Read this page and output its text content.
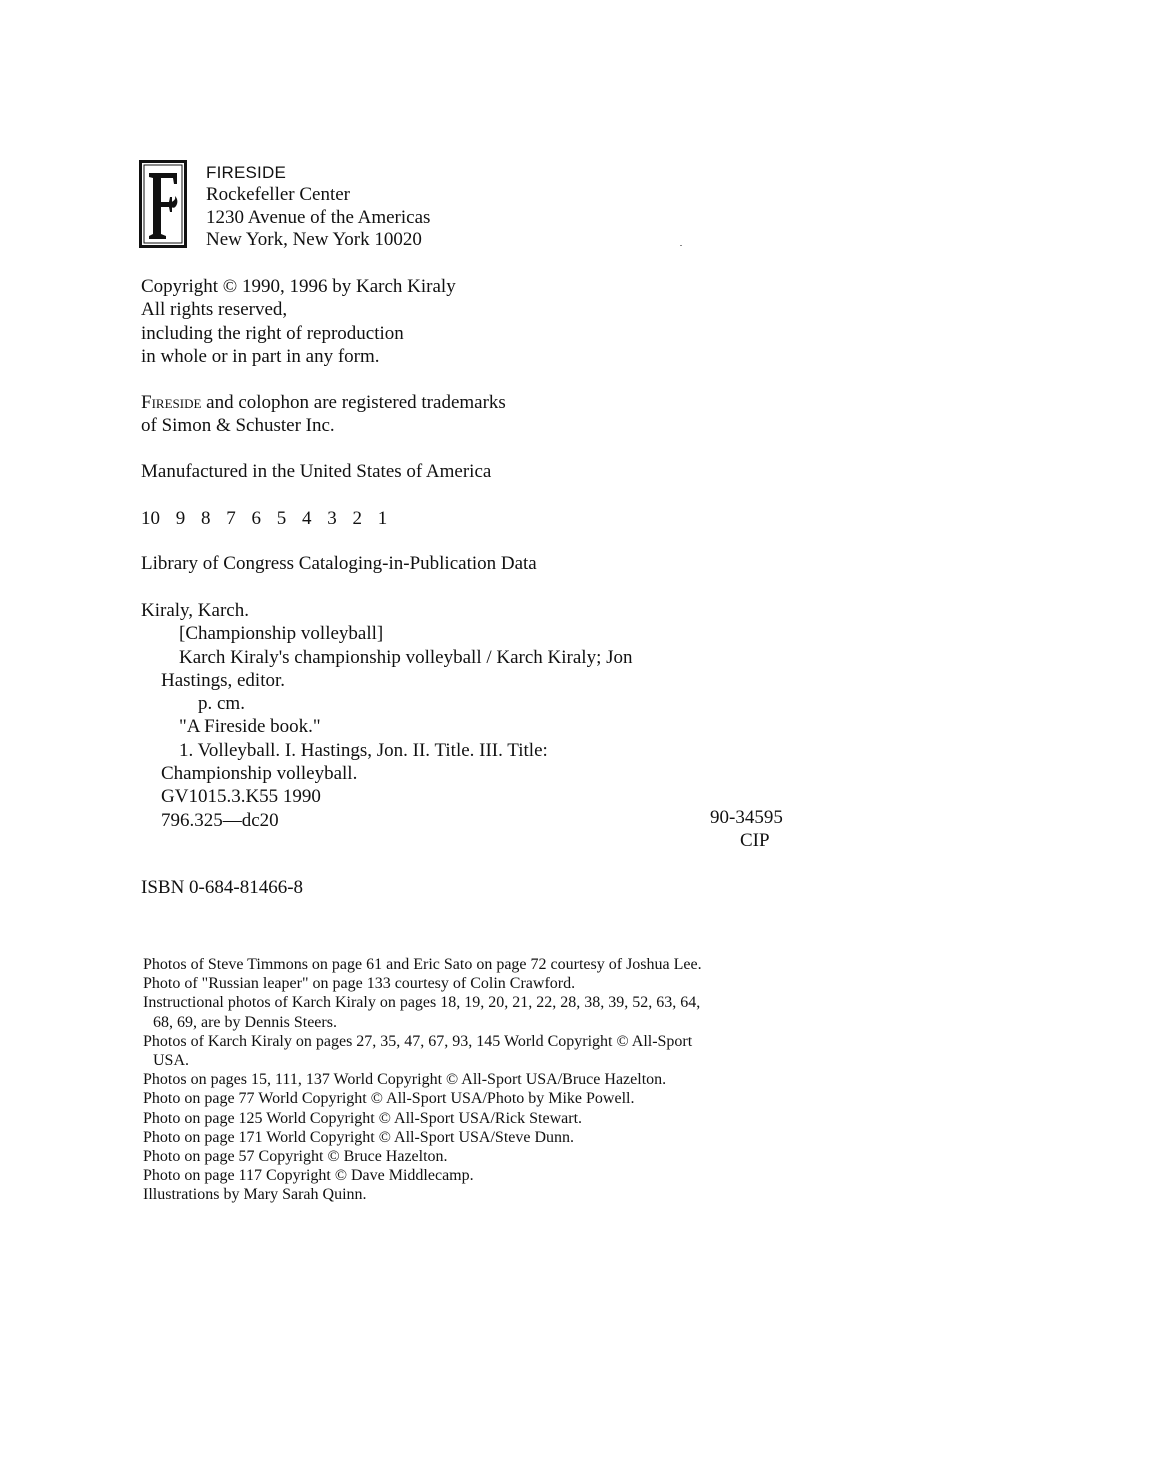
FIRESIDE
Rockefeller Center
1230 Avenue of the Americas
New York, New York 10020
Copyright © 1990, 1996 by Karch Kiraly
All rights reserved,
including the right of reproduction
in whole or in part in any form.
Fireside and colophon are registered trademarks
of Simon & Schuster Inc.
Manufactured in the United States of America
10 9 8 7 6 5 4 3 2 1
Library of Congress Cataloging-in-Publication Data
Kiraly, Karch.
[Championship volleyball]
Karch Kiraly's championship volleyball / Karch Kiraly; Jon
Hastings, editor.
p. cm.
"A Fireside book."
1. Volleyball. I. Hastings, Jon. II. Title. III. Title:
Championship volleyball.
GV1015.3.K55 1990
796.325—dc20	90-34595
CIP
ISBN 0-684-81466-8
Photos of Steve Timmons on page 61 and Eric Sato on page 72 courtesy of Joshua Lee.
Photo of "Russian leaper" on page 133 courtesy of Colin Crawford.
Instructional photos of Karch Kiraly on pages 18, 19, 20, 21, 22, 28, 38, 39, 52, 63, 64,
68, 69, are by Dennis Steers.
Photos of Karch Kiraly on pages 27, 35, 47, 67, 93, 145 World Copyright © All-Sport
USA.
Photos on pages 15, 111, 137 World Copyright © All-Sport USA/Bruce Hazelton.
Photo on page 77 World Copyright © All-Sport USA/Photo by Mike Powell.
Photo on page 125 World Copyright © All-Sport USA/Rick Stewart.
Photo on page 171 World Copyright © All-Sport USA/Steve Dunn.
Photo on page 57 Copyright © Bruce Hazelton.
Photo on page 117 Copyright © Dave Middlecamp.
Illustrations by Mary Sarah Quinn.
